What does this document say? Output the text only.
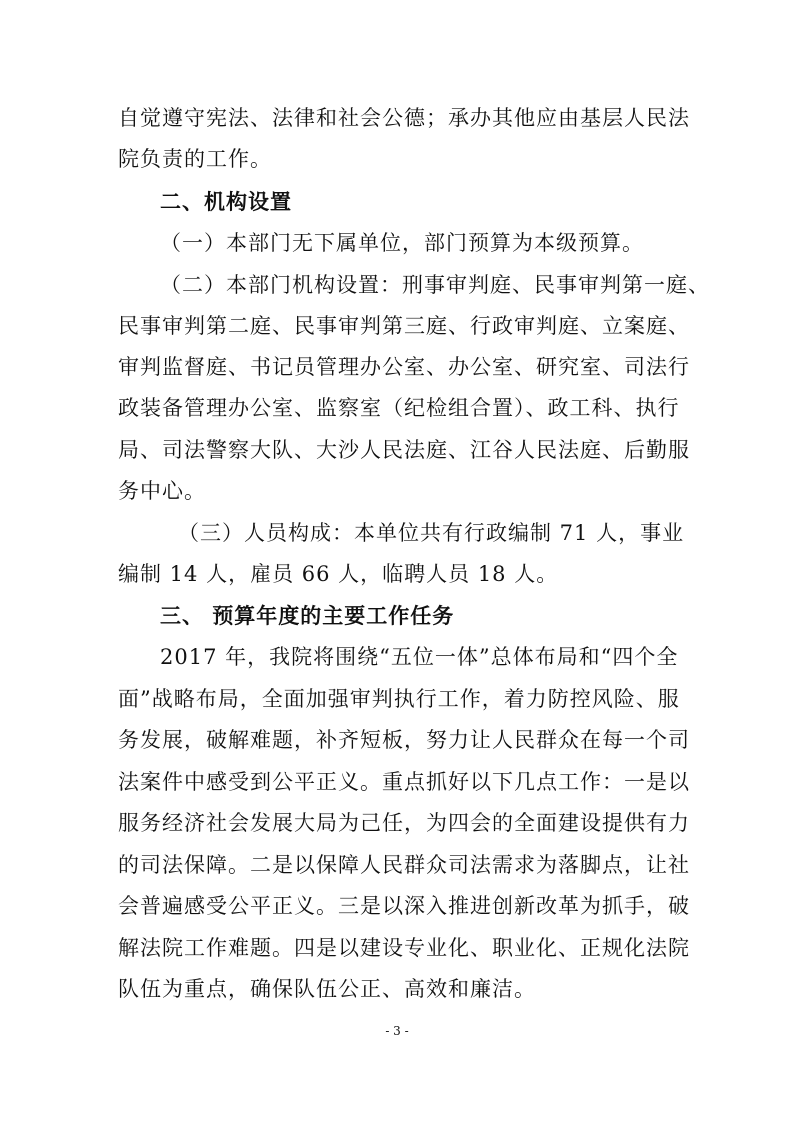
自觉遵守宪法、法律和社会公德；承办其他应由基层人民法
院负责的工作。
二、机构设置
（一）本部门无下属单位，部门预算为本级预算。
（二）本部门机构设置：刑事审判庭、民事审判第一庭、
民事审判第二庭、民事审判第三庭、行政审判庭、立案庭、
审判监督庭、书记员管理办公室、办公室、研究室、司法行
政装备管理办公室、监察室（纪检组合置）、政工科、执行
局、司法警察大队、大沙人民法庭、江谷人民法庭、后勤服
务中心。
（三）人员构成：本单位共有行政编制 71 人，事业
编制 14 人，雇员 66 人，临聘人员 18 人。
三、 预算年度的主要工作任务
2017 年，我院将围绕“五位一体”总体布局和“四个全
面”战略布局，全面加强审判执行工作，着力防控风险、服
务发展，破解难题，补齐短板，努力让人民群众在每一个司
法案件中感受到公平正义。重点抓好以下几点工作：一是以
服务经济社会发展大局为己任，为四会的全面建设提供有力
的司法保障。二是以保障人民群众司法需求为落脚点，让社
会普遍感受公平正义。三是以深入推进创新改革为抓手，破
解法院工作难题。四是以建设专业化、职业化、正规化法院
队伍为重点，确保队伍公正、高效和廉洁。
- 3 -
